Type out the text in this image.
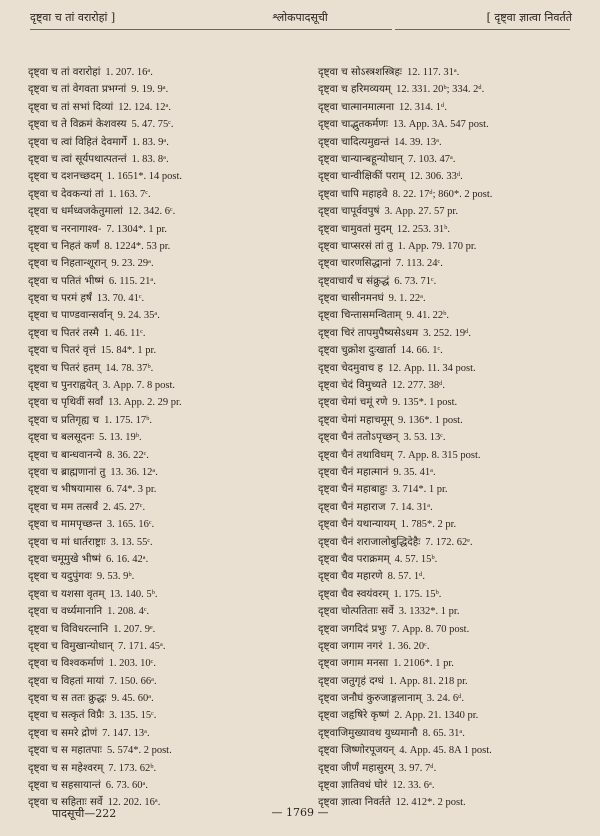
दृष्ट्वा च तां वरारोहां ]	श्लोकपादसूची	[ दृष्ट्वा ज्ञात्वा निवर्तते
दृष्ट्वा च तां वरारोहां 1. 207. 16ᵃ.
दृष्ट्वा च तां वेगवता प्रभग्नां 9. 19. 9ᵃ.
दृष्ट्वा च तां सभां दिव्यां 12. 124. 12ᵃ.
दृष्ट्वा च ते विक्रमं केशवस्य 5. 47. 75ᶜ.
दृष्ट्वा च त्वां विहितं देवमार्गे 1. 83. 9ᵃ.
दृष्ट्वा च त्वां सूर्यपथात्पतन्तं 1. 83. 8ᵃ.
दृष्ट्वा च दशनच्छदम् 1. 1651*. 14 post.
दृष्ट्वा च देवकन्यां तां 1. 163. 7ᶜ.
दृष्ट्वा च धर्मध्वजकेतुमालां 12. 342. 6ᶜ.
दृष्ट्वा च नरनागाश्व- 7. 1304*. 1 pr.
दृष्ट्वा च निहतं कर्णं 8. 1224*. 53 pr.
दृष्ट्वा च निहतान्शूरान् 9. 23. 29ᵃ.
दृष्ट्वा च पतितं भीष्मं 6. 115. 21ᵃ.
दृष्ट्वा च परमं हर्षं 13. 70. 41ᶜ.
दृष्ट्वा च पाण्डवान्सर्वान् 9. 24. 35ᵃ.
दृष्ट्वा च पितरं तस्मै 1. 46. 11ᶜ.
दृष्ट्वा च पितरं वृत्तं 15. 84*. 1 pr.
दृष्ट्वा च पितरं हतम् 14. 78. 37ᵇ.
दृष्ट्वा च पुनराह्वयेत् 3. App. 7. 8 post.
दृष्ट्वा च पृथिवीं सर्वां 13. App. 2. 29 pr.
दृष्ट्वा च प्रतिगृह्य च 1. 175. 17ᵇ.
दृष्ट्वा च बलसूदनः 5. 13. 19ᵇ.
दृष्ट्वा च बान्धवानन्ये 8. 36. 22ᶜ.
दृष्ट्वा च ब्राह्मणानां तु 13. 36. 12ᵃ.
दृष्ट्वा च भीषयामास 6. 74*. 3 pr.
दृष्ट्वा च मम तत्सर्वं 2. 45. 27ᶜ.
दृष्ट्वा च मामपृच्छन्त 3. 165. 16ᶜ.
दृष्ट्वा च मां धार्तराष्ट्राः 3. 13. 55ᶜ.
दृष्ट्वा चमूमुखे भीष्मं 6. 16. 42ᵃ.
दृष्ट्वा च यदुपुंगवः 9. 53. 9ᵇ.
दृष्ट्वा च यशसा वृतम् 13. 140. 5ᵇ.
दृष्ट्वा च वर्ध्यमानानि 1. 208. 4ᶜ.
दृष्ट्वा च विविधरत्नानि 1. 207. 9ᵉ.
दृष्ट्वा च विमुखान्योधान् 7. 171. 45ᵃ.
दृष्ट्वा च विश्वकर्माणं 1. 203. 10ᶜ.
दृष्ट्वा च विहतां मायां 7. 150. 66ᵃ.
दृष्ट्वा च स ततः क्रुद्धः 9. 45. 60ᵃ.
दृष्ट्वा च सत्कृतं विप्रैः 3. 135. 15ᶜ.
दृष्ट्वा च समरे द्रोणं 7. 147. 13ᵃ.
दृष्ट्वा च स महातपाः 5. 574*. 2 post.
दृष्ट्वा च स महेश्वरम् 7. 173. 62ᵇ.
दृष्ट्वा च सहसायान्तं 6. 73. 60ᵃ.
दृष्ट्वा च सहिताः सर्वे 12. 202. 16ᵃ.
दृष्ट्वा च सोऽस्त्रशस्त्रिहः 12. 117. 31ᵃ.
दृष्ट्वा च हरिमव्ययम् 12. 331. 20ᵇ; 334. 2ᵈ.
दृष्ट्वा चात्मानमात्मना 12. 314. 1ᵈ.
दृष्ट्वा चाद्भुतकर्मणः 13. App. 3A. 547 post.
दृष्ट्वा चादित्यमुद्यन्तं 14. 39. 13ᵃ.
दृष्ट्वा चान्यान्बहून्योधान् 7. 103. 47ᵃ.
दृष्ट्वा चान्वीक्षिकीं पराम् 12. 306. 33ᵈ.
दृष्ट्वा चापि महाहवे 8. 22. 17ᵈ; 860*. 2 post.
दृष्ट्वा चापूर्ववपुषं 3. App. 27. 57 pr.
दृष्ट्वा चामुवतां मुदम् 12. 253. 31ᵇ.
दृष्ट्वा चाप्सरसं तां तु 1. App. 79. 170 pr.
दृष्ट्वा चारणसिद्धानां 7. 113. 24ᶜ.
दृष्ट्वाचार्यं च संक्रुद्धं 6. 73. 71ᶜ.
दृष्ट्वा चासीनमनघं 9. 1. 22ᵃ.
दृष्ट्वा चिन्तासमन्विताम् 9. 41. 22ᵇ.
दृष्ट्वा चिरं तापमुपैष्यसेऽधम 3. 252. 19ᵈ.
दृष्ट्वा चुक्रोश दुःखार्ता 14. 66. 1ᶜ.
दृष्ट्वा चेदमुवाच ह 12. App. 11. 34 post.
दृष्ट्वा चेदं विमुच्यते 12. 277. 38ᵈ.
दृष्ट्वा चेमां चमूं रणे 9. 135*. 1 post.
दृष्ट्वा चेमां महाचमूम् 9. 136*. 1 post.
दृष्ट्वा चैनं ततोऽपृच्छन् 3. 53. 13ᶜ.
दृष्ट्वा चैनं तथाविधम् 7. App. 8. 315 post.
दृष्ट्वा चैनं महात्मानं 9. 35. 41ᵃ.
दृष्ट्वा चैनं महाबाहुः 3. 714*. 1 pr.
दृष्ट्वा चैनं महाराज 7. 14. 31ᵃ.
दृष्ट्वा चैनं यथान्यायम् 1. 785*. 2 pr.
दृष्ट्वा चैनं शराजालोबुद्धिदेहैः 7. 172. 62ᵉ.
दृष्ट्वा चैव पराक्रमम् 4. 57. 15ᵇ.
दृष्ट्वा चैव महारणे 8. 57. 1ᵈ.
दृष्ट्वा चैव स्वयंवरम् 1. 175. 15ᵇ.
दृष्ट्वा चोत्पतिताः सर्वे 3. 1332*. 1 pr.
दृष्ट्वा जगदिदं प्रभुः 7. App. 8. 70 post.
दृष्ट्वा जगाम नगरं 1. 36. 20ᶜ.
दृष्ट्वा जगाम मनसा 1. 2106*. 1 pr.
दृष्ट्वा जतुगृहं दग्धं 1. App. 81. 218 pr.
दृष्ट्वा जनौघं कुरुजाङ्गलानाम् 3. 24. 6ᵈ.
दृष्ट्वा जहृषिरे कृष्णं 2. App. 21. 1340 pr.
दृष्ट्वाजिमुख्यावथ युध्यमानौ 8. 65. 31ᵃ.
दृष्ट्वा जिष्णोरपूजयन् 4. App. 45. 8A 1 post.
दृष्ट्वा जीर्णं महासुरम् 3. 97. 7ᵈ.
दृष्ट्वा ज्ञातिवधं घोरं 12. 33. 6ᵃ.
दृष्ट्वा ज्ञात्वा निवर्तते 12. 412*. 2 post.
पादसूची—222	— 1769 —
